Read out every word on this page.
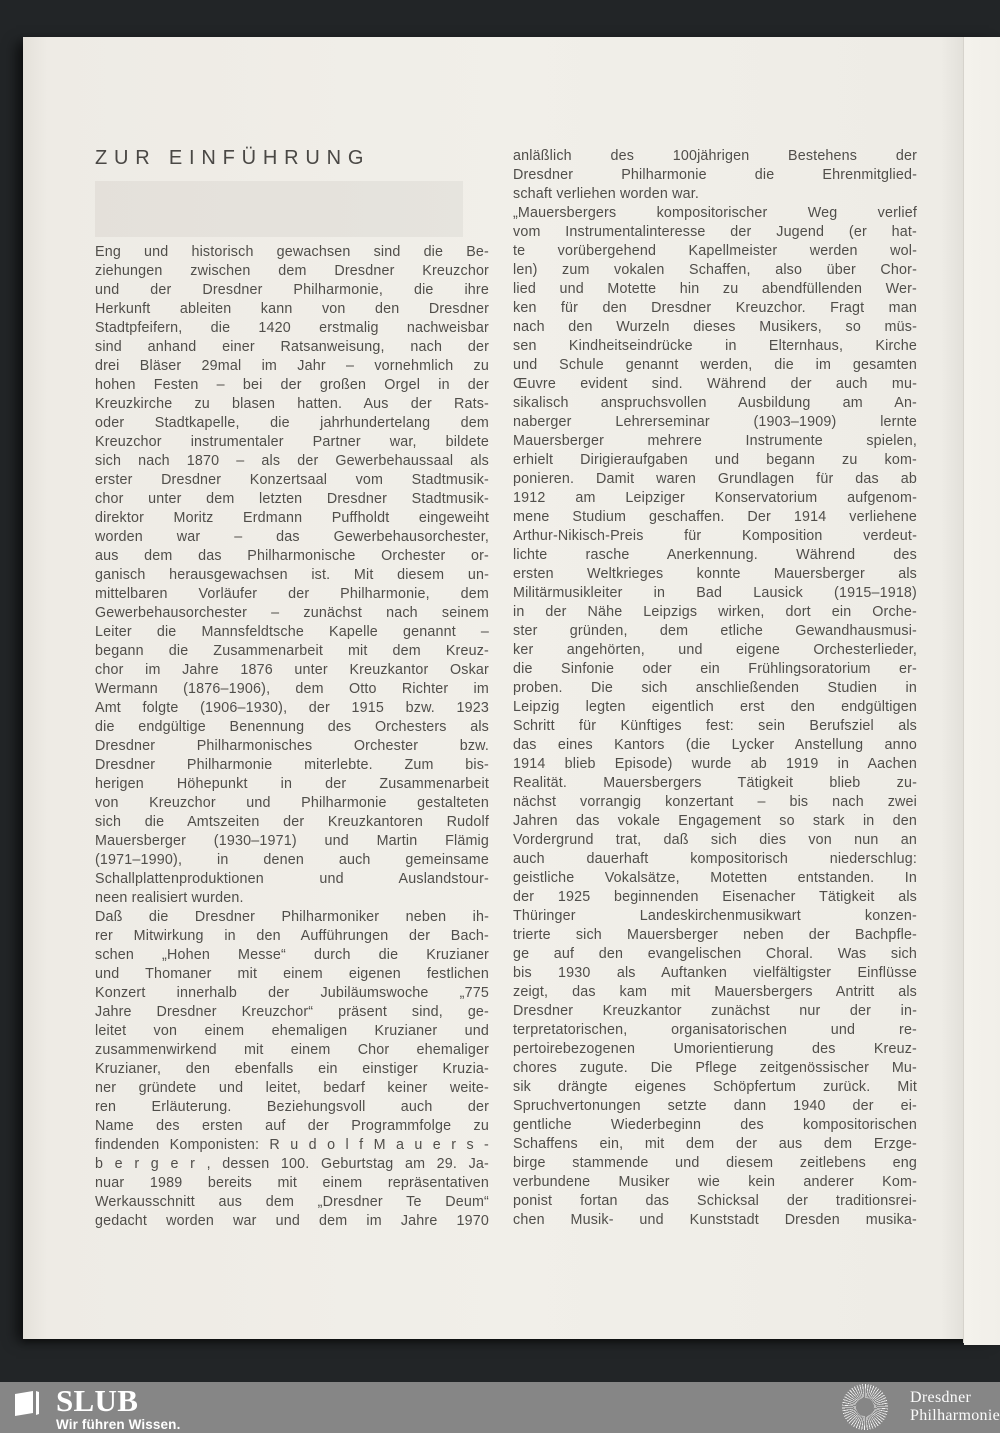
ZUR EINFÜHRUNG
Eng und historisch gewachsen sind die Be-
ziehungen zwischen dem Dresdner Kreuzchor
und der Dresdner Philharmonie, die ihre
Herkunft ableiten kann von den Dresdner
Stadtpfeifern, die 1420 erstmalig nachweisbar
sind anhand einer Ratsanweisung, nach der
drei Bläser 29mal im Jahr – vornehmlich zu
hohen Festen – bei der großen Orgel in der
Kreuzkirche zu blasen hatten. Aus der Rats-
oder Stadtkapelle, die jahrhundertelang dem
Kreuzchor instrumentaler Partner war, bildete
sich nach 1870 – als der Gewerbehaussaal als
erster Dresdner Konzertsaal vom Stadtmusik-
chor unter dem letzten Dresdner Stadtmusik-
direktor Moritz Erdmann Puffholdt eingeweiht
worden war – das Gewerbehausorchester,
aus dem das Philharmonische Orchester or-
ganisch herausgewachsen ist. Mit diesem un-
mittelbaren Vorläufer der Philharmonie, dem
Gewerbehausorchester – zunächst nach seinem
Leiter die Mannsfeldtsche Kapelle genannt –
begann die Zusammenarbeit mit dem Kreuz-
chor im Jahre 1876 unter Kreuzkantor Oskar
Wermann (1876–1906), dem Otto Richter im
Amt folgte (1906–1930), der 1915 bzw. 1923
die endgültige Benennung des Orchesters als
Dresdner Philharmonisches Orchester bzw.
Dresdner Philharmonie miterlebte. Zum bis-
herigen Höhepunkt in der Zusammenarbeit
von Kreuzchor und Philharmonie gestalteten
sich die Amtszeiten der Kreuzkantoren Rudolf
Mauersberger (1930–1971) und Martin Flämig
(1971–1990), in denen auch gemeinsame
Schallplattenproduktionen und Auslandstour-
neen realisiert wurden.
Daß die Dresdner Philharmoniker neben ih-
rer Mitwirkung in den Aufführungen der Bach-
schen „Hohen Messe“ durch die Kruzianer
und Thomaner mit einem eigenen festlichen
Konzert innerhalb der Jubiläumswoche „775
Jahre Dresdner Kreuzchor“ präsent sind, ge-
leitet von einem ehemaligen Kruzianer und
zusammenwirkend mit einem Chor ehemaliger
Kruzianer, den ebenfalls ein einstiger Kruzia-
ner gründete und leitet, bedarf keiner weite-
ren Erläuterung. Beziehungsvoll auch der
Name des ersten auf der Programmfolge zu
findenden Komponisten: R u d o l f M a u e r s -
b e r g e r , dessen 100. Geburtstag am 29. Ja-
nuar 1989 bereits mit einem repräsentativen
Werkausschnitt aus dem „Dresdner Te Deum“
gedacht worden war und dem im Jahre 1970
anläßlich des 100jährigen Bestehens der
Dresdner Philharmonie die Ehrenmitglied-
schaft verliehen worden war.
„Mauersbergers kompositorischer Weg verlief
vom Instrumentalinteresse der Jugend (er hat-
te vorübergehend Kapellmeister werden wol-
len) zum vokalen Schaffen, also über Chor-
lied und Motette hin zu abendfüllenden Wer-
ken für den Dresdner Kreuzchor. Fragt man
nach den Wurzeln dieses Musikers, so müs-
sen Kindheitseindrücke in Elternhaus, Kirche
und Schule genannt werden, die im gesamten
Œuvre evident sind. Während der auch mu-
sikalisch anspruchsvollen Ausbildung am An-
naberger Lehrerseminar (1903–1909) lernte
Mauersberger mehrere Instrumente spielen,
erhielt Dirigieraufgaben und begann zu kom-
ponieren. Damit waren Grundlagen für das ab
1912 am Leipziger Konservatorium aufgenom-
mene Studium geschaffen. Der 1914 verliehene
Arthur-Nikisch-Preis für Komposition verdeut-
lichte rasche Anerkennung. Während des
ersten Weltkrieges konnte Mauersberger als
Militärmusikleiter in Bad Lausick (1915–1918)
in der Nähe Leipzigs wirken, dort ein Orche-
ster gründen, dem etliche Gewandhausmusi-
ker angehörten, und eigene Orchesterlieder,
die Sinfonie oder ein Frühlingsoratorium er-
proben. Die sich anschließenden Studien in
Leipzig legten eigentlich erst den endgültigen
Schritt für Künftiges fest: sein Berufsziel als
das eines Kantors (die Lycker Anstellung anno
1914 blieb Episode) wurde ab 1919 in Aachen
Realität. Mauersbergers Tätigkeit blieb zu-
nächst vorrangig konzertant – bis nach zwei
Jahren das vokale Engagement so stark in den
Vordergrund trat, daß sich dies von nun an
auch dauerhaft kompositorisch niederschlug:
geistliche Vokalsätze, Motetten entstanden. In
der 1925 beginnenden Eisenacher Tätigkeit als
Thüringer Landeskirchenmusikwart konzen-
trierte sich Mauersberger neben der Bachpfle-
ge auf den evangelischen Choral. Was sich
bis 1930 als Auftanken vielfältigster Einflüsse
zeigt, das kam mit Mauersbergers Antritt als
Dresdner Kreuzkantor zunächst nur der in-
terpretatorischen, organisatorischen und re-
pertoirebezogenen Umorientierung des Kreuz-
chores zugute. Die Pflege zeitgenössischer Mu-
sik drängte eigenes Schöpfertum zurück. Mit
Spruchvertonungen setzte dann 1940 der ei-
gentliche Wiederbeginn des kompositorischen
Schaffens ein, mit dem der aus dem Erzge-
birge stammende und diesem zeitlebens eng
verbundene Musiker wie kein anderer Kom-
ponist fortan das Schicksal der traditionsrei-
chen Musik- und Kunststadt Dresden musika-
SLUB
Wir führen Wissen.
Dresdner
Philharmonie
